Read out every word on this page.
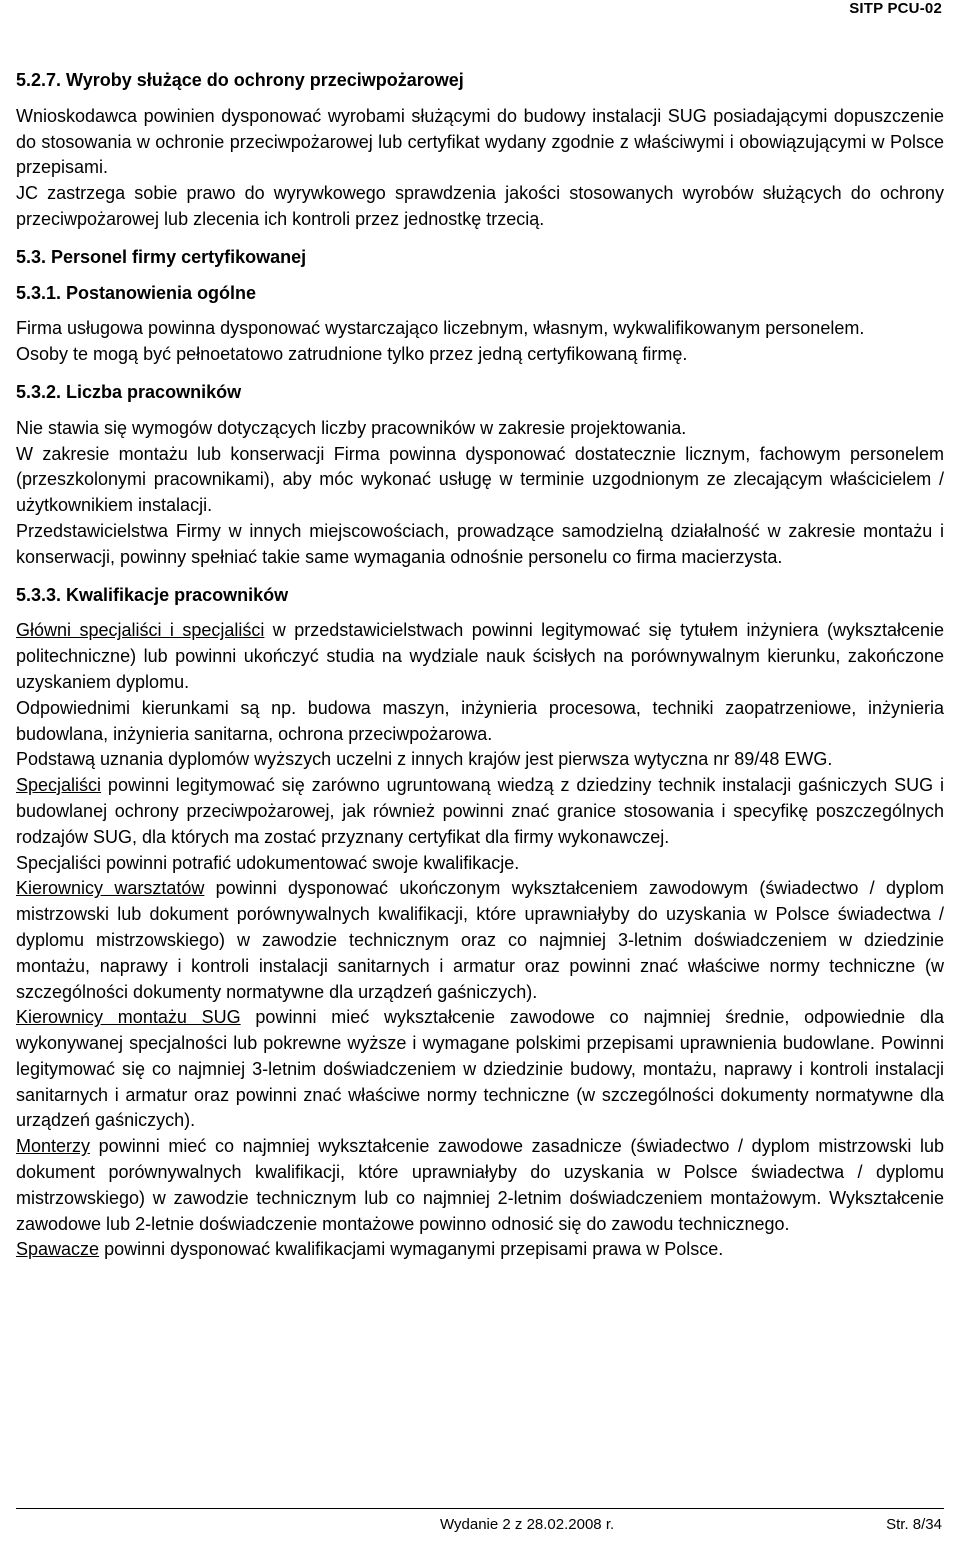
SITP PCU-02
5.2.7. Wyroby służące do ochrony przeciwpożarowej

Wnioskodawca powinien dysponować wyrobami służącymi do budowy instalacji SUG posiadającymi dopuszczenie do stosowania w ochronie przeciwpożarowej lub certyfikat wydany zgodnie z właściwymi i obowiązującymi w Polsce przepisami.

JC zastrzega sobie prawo do wyrywkowego sprawdzenia jakości stosowanych wyrobów służących do ochrony przeciwpożarowej lub zlecenia ich kontroli przez jednostkę trzecią.

5.3. Personel firmy certyfikowanej
5.3.1. Postanowienia ogólne

Firma usługowa powinna dysponować wystarczająco liczebnym, własnym, wykwalifikowanym personelem.

Osoby te mogą być pełnoetatowo zatrudnione tylko przez jedną certyfikowaną firmę.

5.3.2. Liczba pracowników

Nie stawia się wymogów dotyczących liczby pracowników w zakresie projektowania.

W zakresie montażu lub konserwacji Firma powinna dysponować dostatecznie licznym, fachowym personelem (przeszkolonymi pracownikami), aby móc wykonać usługę w terminie uzgodnionym ze zlecającym właścicielem / użytkownikiem instalacji.

Przedstawicielstwa Firmy w innych miejscowościach, prowadzące samodzielną działalność w zakresie montażu i konserwacji, powinny spełniać takie same wymagania odnośnie personelu co firma macierzysta.

5.3.3. Kwalifikacje pracowników

Główni specjaliści i specjaliści w przedstawicielstwach powinni legitymować się tytułem inżyniera (wykształcenie politechniczne) lub powinni ukończyć studia na wydziale nauk ścisłych na porównywalnym kierunku, zakończone uzyskaniem dyplomu.

Odpowiednimi kierunkami są np. budowa maszyn, inżynieria procesowa, techniki zaopatrzeniowe, inżynieria budowlana, inżynieria sanitarna, ochrona przeciwpożarowa.

Podstawą uznania dyplomów wyższych uczelni z innych krajów jest pierwsza wytyczna nr 89/48 EWG.

Specjaliści powinni legitymować się zarówno ugruntowaną wiedzą z dziedziny technik instalacji gaśniczych SUG i budowlanej ochrony przeciwpożarowej, jak również powinni znać granice stosowania i specyfikę poszczególnych rodzajów SUG, dla których ma zostać przyznany certyfikat dla firmy wykonawczej.

Specjaliści powinni potrafić udokumentować swoje kwalifikacje.

Kierownicy warsztatów powinni dysponować ukończonym wykształceniem zawodowym (świadectwo / dyplom mistrzowski lub dokument porównywalnych kwalifikacji, które uprawniałyby do uzyskania w Polsce świadectwa / dyplomu mistrzowskiego) w zawodzie technicznym oraz co najmniej 3-letnim doświadczeniem w dziedzinie montażu, naprawy i kontroli instalacji sanitarnych i armatur oraz powinni znać właściwe normy techniczne (w szczególności dokumenty normatywne dla urządzeń gaśniczych).

Kierownicy montażu SUG powinni mieć wykształcenie zawodowe co najmniej średnie, odpowiednie dla wykonywanej specjalności lub pokrewne wyższe i wymagane polskimi przepisami uprawnienia budowlane. Powinni legitymować się co najmniej 3-letnim doświadczeniem w dziedzinie budowy, montażu, naprawy i kontroli instalacji sanitarnych i armatur oraz powinni znać właściwe normy techniczne (w szczególności dokumenty normatywne dla urządzeń gaśniczych).

Monterzy powinni mieć co najmniej wykształcenie zawodowe zasadnicze (świadectwo / dyplom mistrzowski lub dokument porównywalnych kwalifikacji, które uprawniałyby do uzyskania w Polsce świadectwa / dyplomu mistrzowskiego) w zawodzie technicznym lub co najmniej 2-letnim doświadczeniem montażowym. Wykształcenie zawodowe lub 2-letnie doświadczenie montażowe powinno odnosić się do zawodu technicznego.

Spawacze powinni dysponować kwalifikacjami wymaganymi przepisami prawa w Polsce.

Wydanie 2 z 28.02.2008 r.	Str. 8/34
